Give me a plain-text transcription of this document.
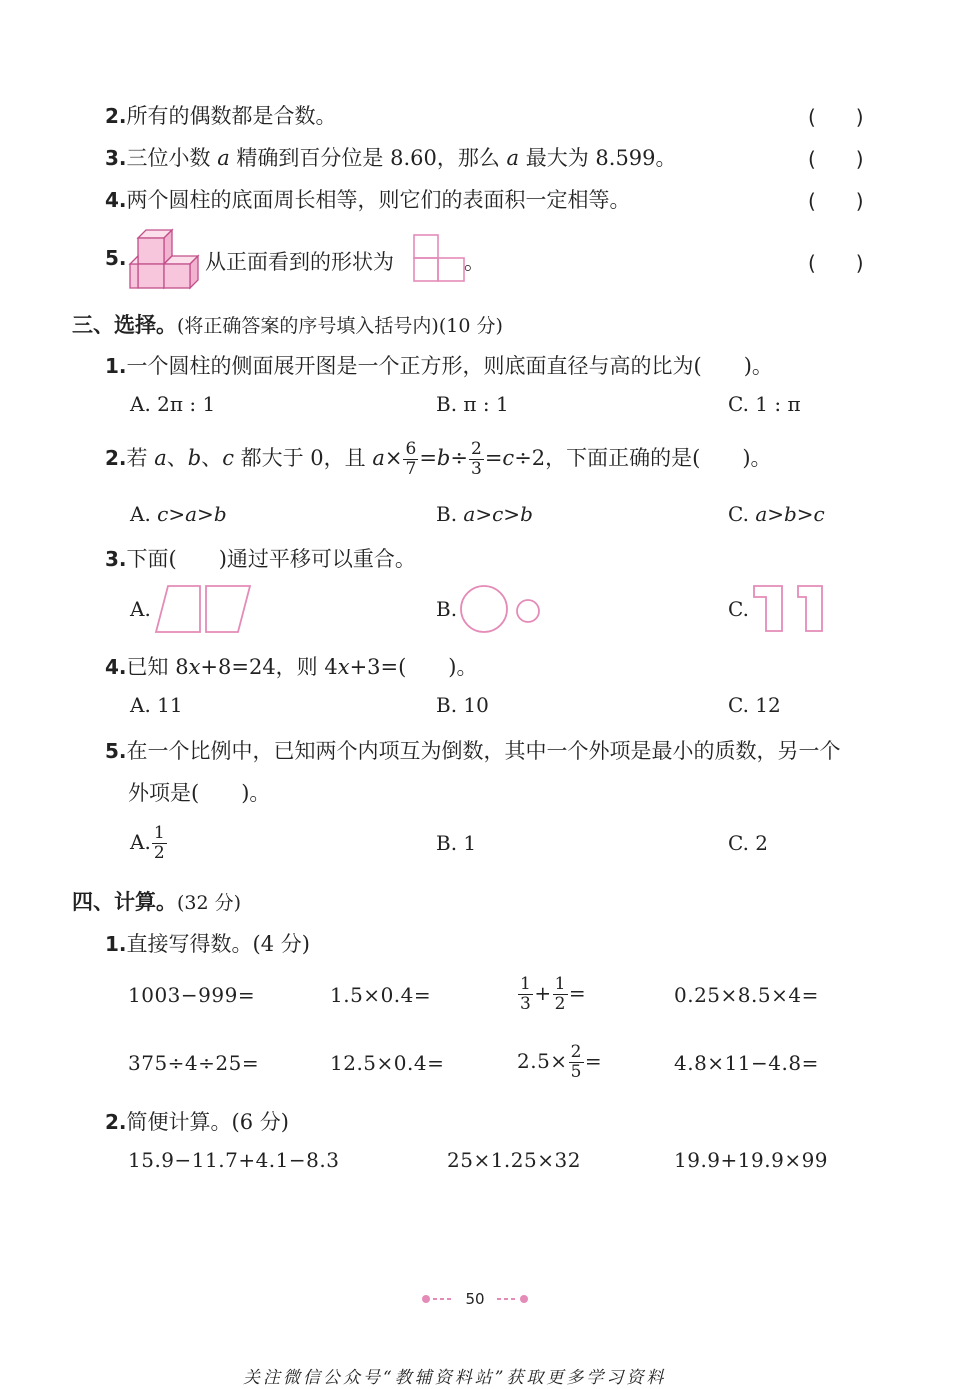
2.所有的偶数都是合数。	(　　)
3.三位小数 a 精确到百分位是 8.60，那么 a 最大为 8.599。	(　　)
4.两个圆柱的底面周长相等，则它们的表面积一定相等。	(　　)
5.	从正面看到的形状为	。	(　　)
三、选择。(将正确答案的序号填入括号内)(10 分)
1.一个圆柱的侧面展开图是一个正方形，则底面直径与高的比为(　　)。
A. 2π : 1	B. π : 1	C. 1 : π
2.若 a、b、c 都大于 0，且 $a\times \frac{6}{7} =b\div \frac{2}{3} =c\div 2$，下面正确的是(　　)。
A. c>a>b	B. a>c>b	C. a>b>c
3.下面(　　)通过平移可以重合。
A.	B.	C.
4.已知 8x+8=24，则 4x+3=(　　)。
A. 11	B. 10	C. 12
5.在一个比例中，已知两个内项互为倒数，其中一个外项是最小的质数，另一个
外项是(　　)。
A. $\frac{1}{2}$	B. 1	C. 2
四、计算。(32 分)
1.直接写得数。(4 分)
1003−999=	1.5×0.4=	$\frac{1}{3} + \frac{1}{2}$ =	0.25×8.5×4=
375÷4÷25=	12.5×0.4=	$2.5\times \frac{2}{5}$ =	4.8×11−4.8=
2.简便计算。(6 分)
15.9−11.7+4.1−8.3	25×1.25×32	19.9+19.9×99
50
关注微信公众号“教辅资料站”获取更多学习资料
